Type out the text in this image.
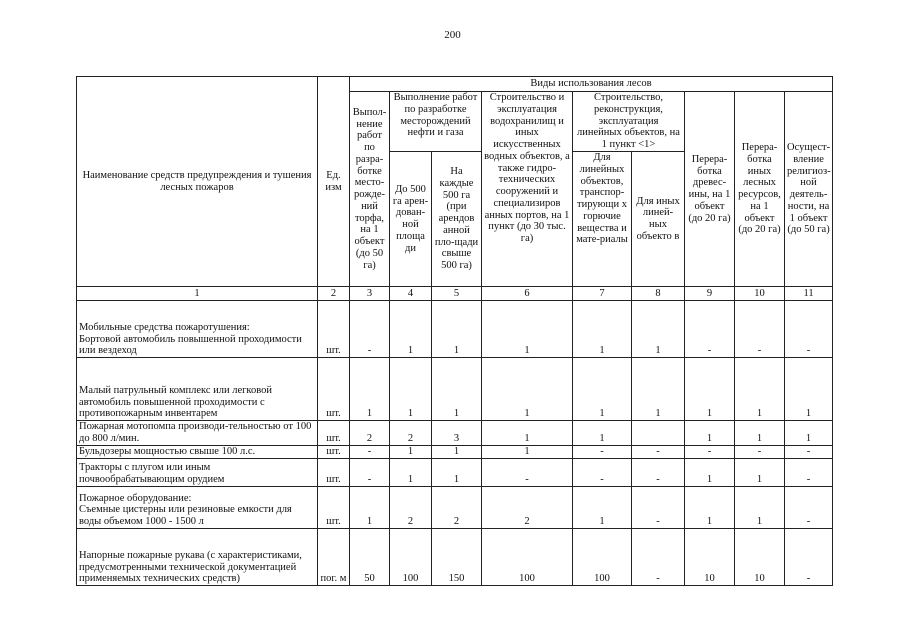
200
Наименование средств предупреждения и тушения лесных пожаров	Ед. изм	Виды использования лесов								
		Выпол-нение работ по разра-ботке место-рожде-ний торфа, на 1 объект (до 50 га)	Выполнение работ по разработке месторождений нефти и газа		Строительство и эксплуатация водохранилищ и иных искусственных водных объектов, а также гидро-технических сооружений и специализиров анных портов, на 1 пункт (до 30 тыс. га)	Строительство, реконструкция, эксплуатация линейных объектов, на 1 пункт <1>		Перера-ботка древес-ины, на 1 объект (до 20 га)	Перера-ботка иных лесных ресурсов, на 1 объект (до 20 га)	Осущест-вление религиоз-ной деятель-ности, на 1 объект (до 50 га)
			До 500 га арен-дован-ной площа ди	На каждые 500 га (при арендов анной пло-щади свыше 500 га)		Для линейных объектов, транспор-тирующи х горючие вещества и мате-риалы	Для иных линей-ных объекто в			
1	2	3	4	5	6	7	8	9	10	11
Мобильные средства пожаротушения:
Бортовой автомобиль повышенной проходимости или вездеход	шт.	-	1	1	1	1	1	-	-	-
Малый патрульный комплекс или легковой автомобиль повышенной проходимости с противопожарным инвентарем	шт.	1	1	1	1	1	1	1	1	1
Пожарная мотопомпа производи-тельностью от 100 до 800 л/мин.	шт.	2	2	3	1	1		1	1	1
Бульдозеры мощностью свыше 100 л.с.	шт.	-	1	1	1	-	-	-	-	-
Тракторы с плугом или иным почвообрабатывающим орудием	шт.	-	1	1	-	-	-	1	1	-
Пожарное оборудование:
Съемные цистерны или резиновые емкости для воды объемом 1000 - 1500 л	шт.	1	2	2	2	1	-	1	1	-
Напорные пожарные рукава (с характеристиками, предусмотренными технической документацией применяемых технических средств)	пог. м	50	100	150	100	100	-	10	10	-
